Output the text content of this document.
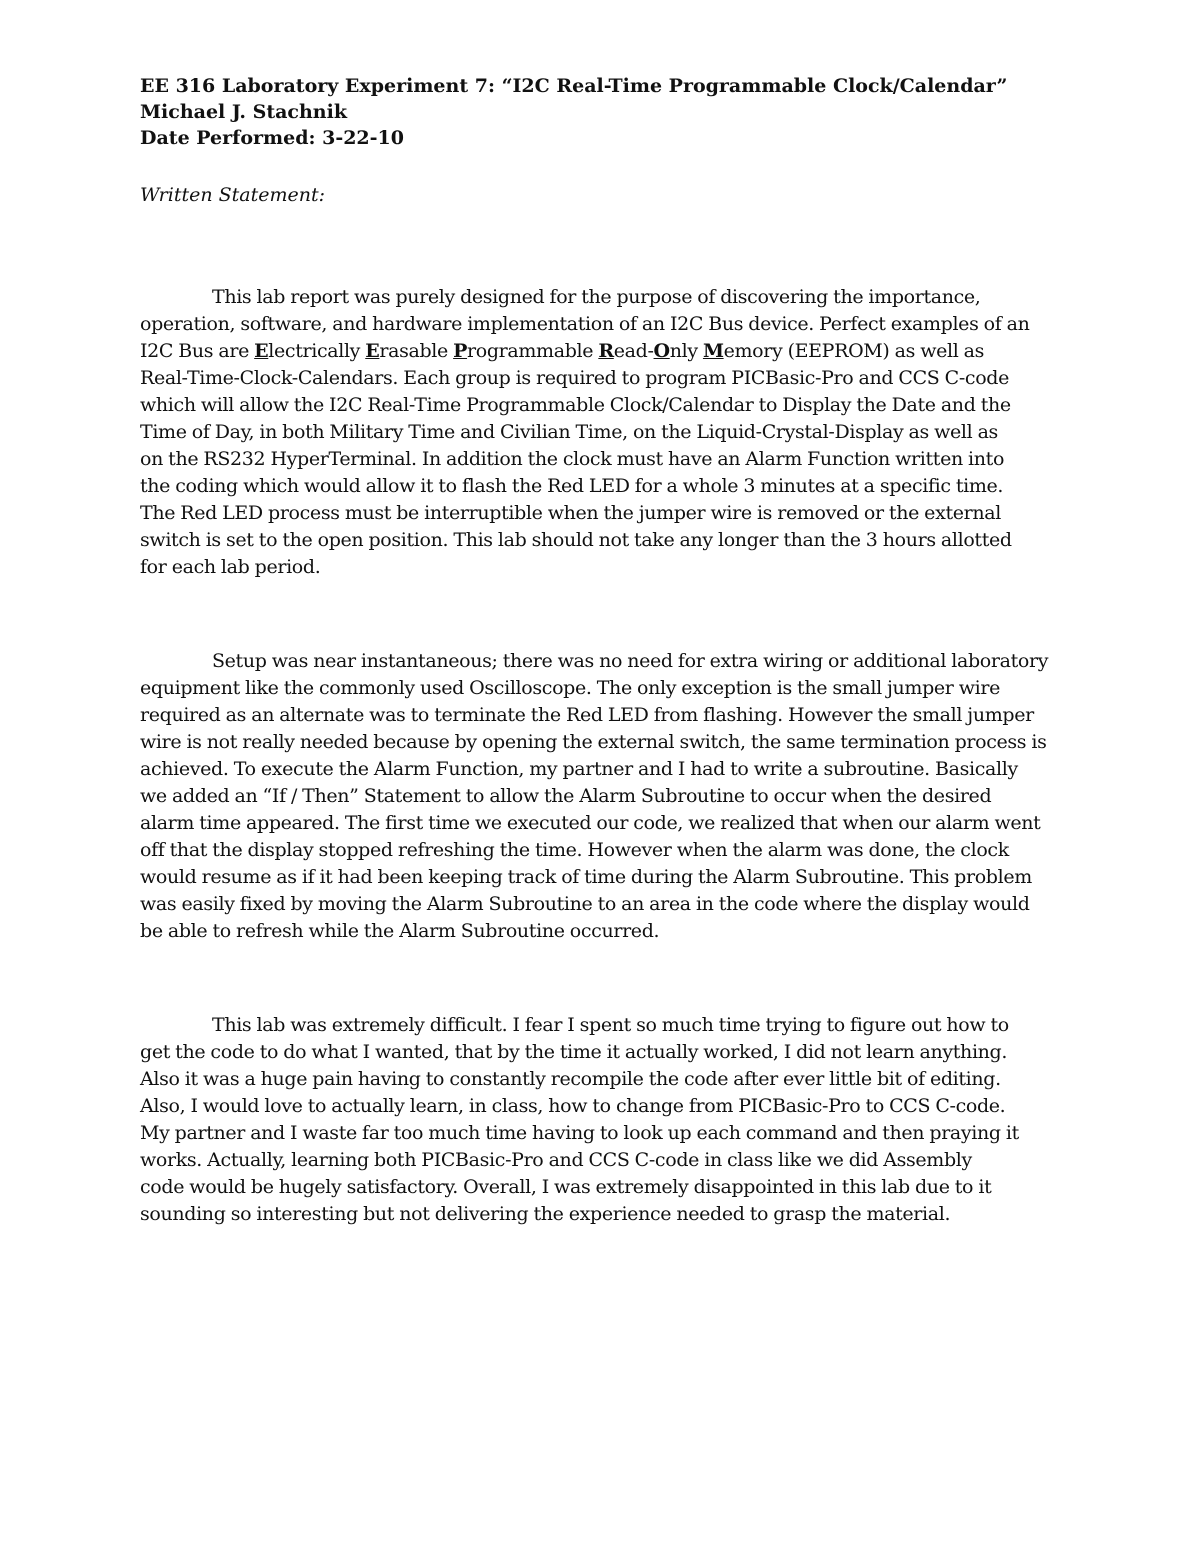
EE 316 Laboratory Experiment 7: “I2C Real-Time Programmable Clock/Calendar”
Michael J. Stachnik
Date Performed: 3-22-10
Written Statement:
This lab report was purely designed for the purpose of discovering the importance,
operation, software, and hardware implementation of an I2C Bus device. Perfect examples of an
I2C Bus are Electrically Erasable Programmable Read-Only Memory (EEPROM) as well as
Real-Time-Clock-Calendars. Each group is required to program PICBasic-Pro and CCS C-code
which will allow the I2C Real-Time Programmable Clock/Calendar to Display the Date and the
Time of Day, in both Military Time and Civilian Time, on the Liquid-Crystal-Display as well as
on the RS232 HyperTerminal. In addition the clock must have an Alarm Function written into
the coding which would allow it to flash the Red LED for a whole 3 minutes at a specific time.
The Red LED process must be interruptible when the jumper wire is removed or the external
switch is set to the open position. This lab should not take any longer than the 3 hours allotted
for each lab period.
Setup was near instantaneous; there was no need for extra wiring or additional laboratory
equipment like the commonly used Oscilloscope. The only exception is the small jumper wire
required as an alternate was to terminate the Red LED from flashing. However the small jumper
wire is not really needed because by opening the external switch, the same termination process is
achieved. To execute the Alarm Function, my partner and I had to write a subroutine. Basically
we added an “If / Then” Statement to allow the Alarm Subroutine to occur when the desired
alarm time appeared. The first time we executed our code, we realized that when our alarm went
off that the display stopped refreshing the time. However when the alarm was done, the clock
would resume as if it had been keeping track of time during the Alarm Subroutine. This problem
was easily fixed by moving the Alarm Subroutine to an area in the code where the display would
be able to refresh while the Alarm Subroutine occurred.
This lab was extremely difficult. I fear I spent so much time trying to figure out how to
get the code to do what I wanted, that by the time it actually worked, I did not learn anything.
Also it was a huge pain having to constantly recompile the code after ever little bit of editing.
Also, I would love to actually learn, in class, how to change from PICBasic-Pro to CCS C-code.
My partner and I waste far too much time having to look up each command and then praying it
works. Actually, learning both PICBasic-Pro and CCS C-code in class like we did Assembly
code would be hugely satisfactory. Overall, I was extremely disappointed in this lab due to it
sounding so interesting but not delivering the experience needed to grasp the material.
